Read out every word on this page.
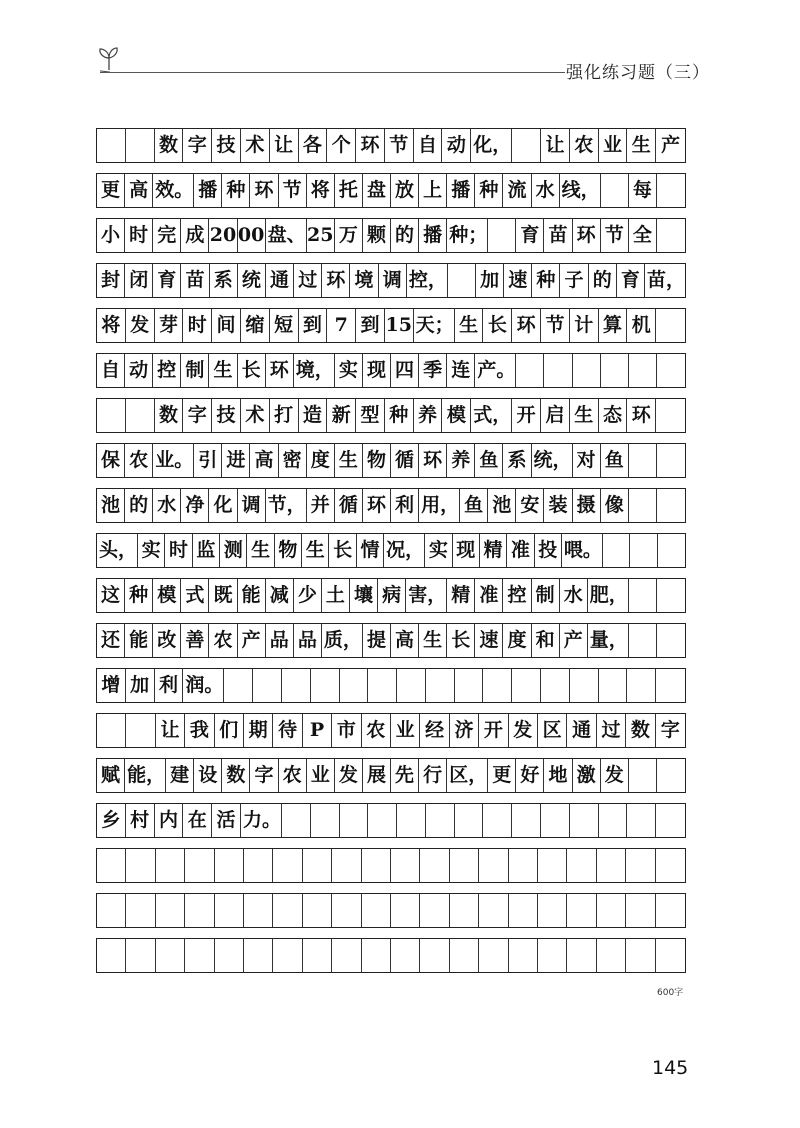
强化练习题（三）
数 字 技 术 让 各 个 环 节 自 动 化， 让 农 业 生 产
更 高 效。 播 种 环 节 将 托 盘 放 上 播 种 流 水 线， 每
小 时 完 成 20 00 盘、 25 万 颗 的 播 种； 育 苗 环 节 全
封 闭 育 苗 系 统 通 过 环 境 调 控， 加 速 种 子 的 育 苗，
将 发 芽 时 间 缩 短 到 7 到 15 天； 生 长 环 节 计 算 机
自 动 控 制 生 长 环 境， 实 现 四 季 连 产。
数 字 技 术 打 造 新 型 种 养 模 式， 开 启 生 态 环
保 农 业。 引 进 高 密 度 生 物 循 环 养 鱼 系 统， 对 鱼
池 的 水 净 化 调 节， 并 循 环 利 用， 鱼 池 安 装 摄 像
头， 实 时 监 测 生 物 生 长 情 况， 实 现 精 准 投 喂。
这 种 模 式 既 能 减 少 土 壤 病 害， 精 准 控 制 水 肥，
还 能 改 善 农 产 品 品 质， 提 高 生 长 速 度 和 产 量，
增 加 利 润。
让 我 们 期 待 P 市 农 业 经 济 开 发 区 通 过 数 字
赋 能， 建 设 数 字 农 业 发 展 先 行 区， 更 好 地 激 发
乡 村 内 在 活 力。
600字
145
